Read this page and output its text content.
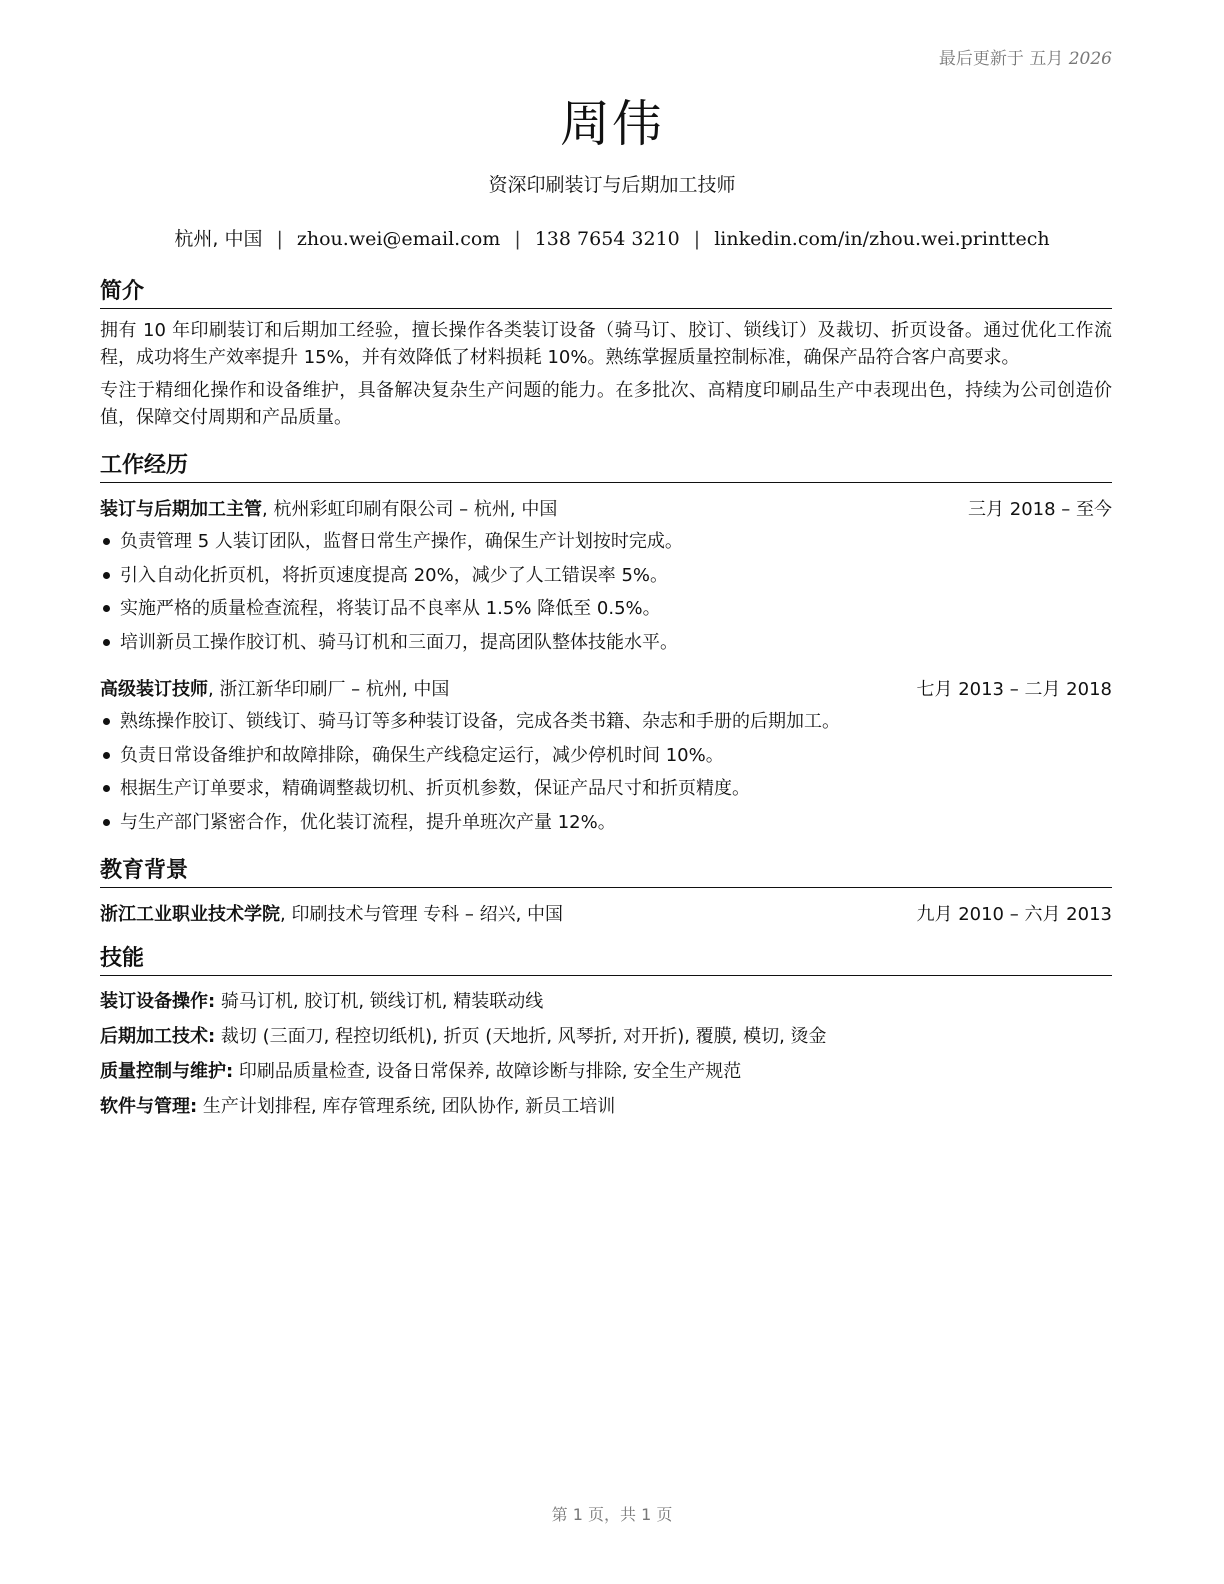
最后更新于 五月 2026
周伟
资深印刷装订与后期加工技师
杭州, 中国 | zhou.wei@email.com | 138 7654 3210 | linkedin.com/in/zhou.wei.printtech
简介
拥有 10 年印刷装订和后期加工经验，擅长操作各类装订设备（骑马订、胶订、锁线订）及裁切、折页设备。通过优化工作流程，成功将生产效率提升 15%，并有效降低了材料损耗 10%。熟练掌握质量控制标准，确保产品符合客户高要求。
专注于精细化操作和设备维护，具备解决复杂生产问题的能力。在多批次、高精度印刷品生产中表现出色，持续为公司创造价值，保障交付周期和产品质量。
工作经历
装订与后期加工主管, 杭州彩虹印刷有限公司 – 杭州, 中国	三月 2018 – 至今
负责管理 5 人装订团队，监督日常生产操作，确保生产计划按时完成。
引入自动化折页机，将折页速度提高 20%，减少了人工错误率 5%。
实施严格的质量检查流程，将装订品不良率从 1.5% 降低至 0.5%。
培训新员工操作胶订机、骑马订机和三面刀，提高团队整体技能水平。
高级装订技师, 浙江新华印刷厂 – 杭州, 中国	七月 2013 – 二月 2018
熟练操作胶订、锁线订、骑马订等多种装订设备，完成各类书籍、杂志和手册的后期加工。
负责日常设备维护和故障排除，确保生产线稳定运行，减少停机时间 10%。
根据生产订单要求，精确调整裁切机、折页机参数，保证产品尺寸和折页精度。
与生产部门紧密合作，优化装订流程，提升单班次产量 12%。
教育背景
浙江工业职业技术学院, 印刷技术与管理 专科 – 绍兴, 中国	九月 2010 – 六月 2013
技能
装订设备操作: 骑马订机, 胶订机, 锁线订机, 精装联动线
后期加工技术: 裁切 (三面刀, 程控切纸机), 折页 (天地折, 风琴折, 对开折), 覆膜, 模切, 烫金
质量控制与维护: 印刷品质量检查, 设备日常保养, 故障诊断与排除, 安全生产规范
软件与管理: 生产计划排程, 库存管理系统, 团队协作, 新员工培训
第 1 页，共 1 页
